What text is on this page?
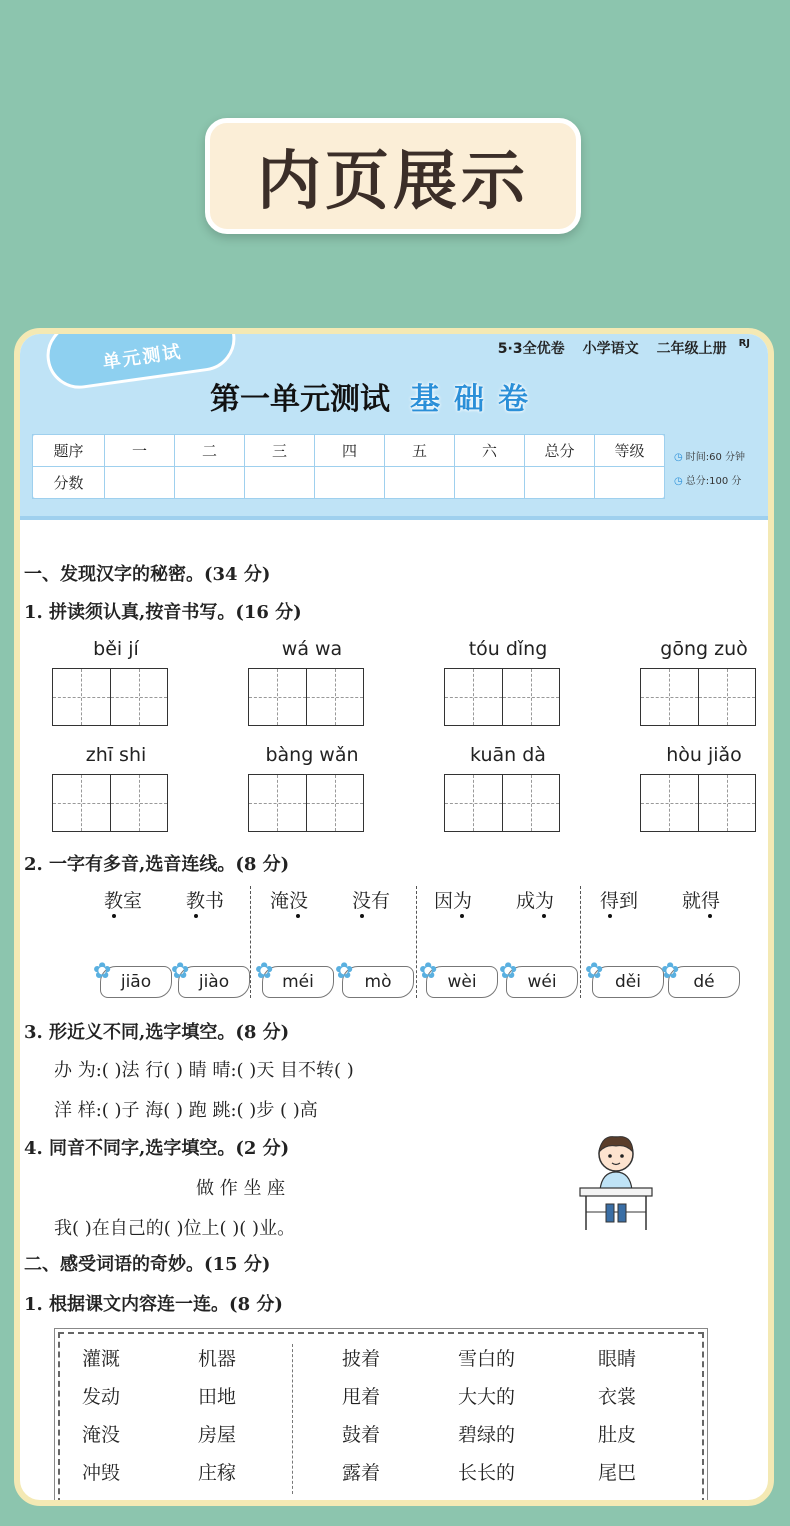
内页展示
单元测试	5·3全优卷 小学语文 二年级上册 RJ
第一单元测试 基 础 卷
题序	一	二	三	四	五	六	总分	等级
分数								
◷ 时间:60 分钟
◷ 总分:100 分
一、发现汉字的秘密。(34 分)
1. 拼读须认真,按音书写。(16 分)
běi jí	wá wa	tóu dǐng	gōng zuò
zhī shi	bàng wǎn	kuān dà	hòu jiǎo
2. 一字有多音,选音连线。(8 分)
教室	教书	淹没	没有	因为	成为	得到	就得
✿ jiāo ✿ jiào ✿ méi ✿ mò ✿ wèi ✿ wéi ✿ děi ✿ dé
3. 形近义不同,选字填空。(8 分)
办 为:( )法 行( ) 睛 晴:( )天 目不转( )
洋 样:( )子 海( ) 跑 跳:( )步 ( )高
4. 同音不同字,选字填空。(2 分)
做 作 坐 座
我( )在自己的( )位上( )( )业。
二、感受词语的奇妙。(15 分)
1. 根据课文内容连一连。(8 分)
灌溉	机器	披着	雪白的	眼睛
发动	田地	甩着	大大的	衣裳
淹没	房屋	鼓着	碧绿的	肚皮
冲毁	庄稼	露着	长长的	尾巴
